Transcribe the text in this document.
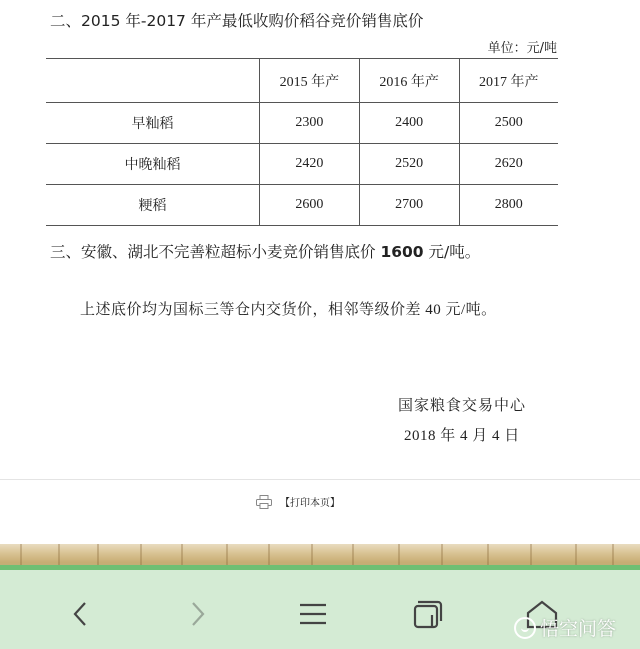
二、2015 年-2017 年产最低收购价稻谷竞价销售底价
单位：元/吨
	2015 年产	2016 年产	2017 年产
早籼稻	2300	2400	2500
中晚籼稻	2420	2520	2620
粳稻	2600	2700	2800
三、安徽、湖北不完善粒超标小麦竞价销售底价 1600 元/吨。
上述底价均为国标三等仓内交货价，相邻等级价差 40 元/吨。
国家粮食交易中心
2018 年 4 月 4 日
【打印本页】
悟空问答
